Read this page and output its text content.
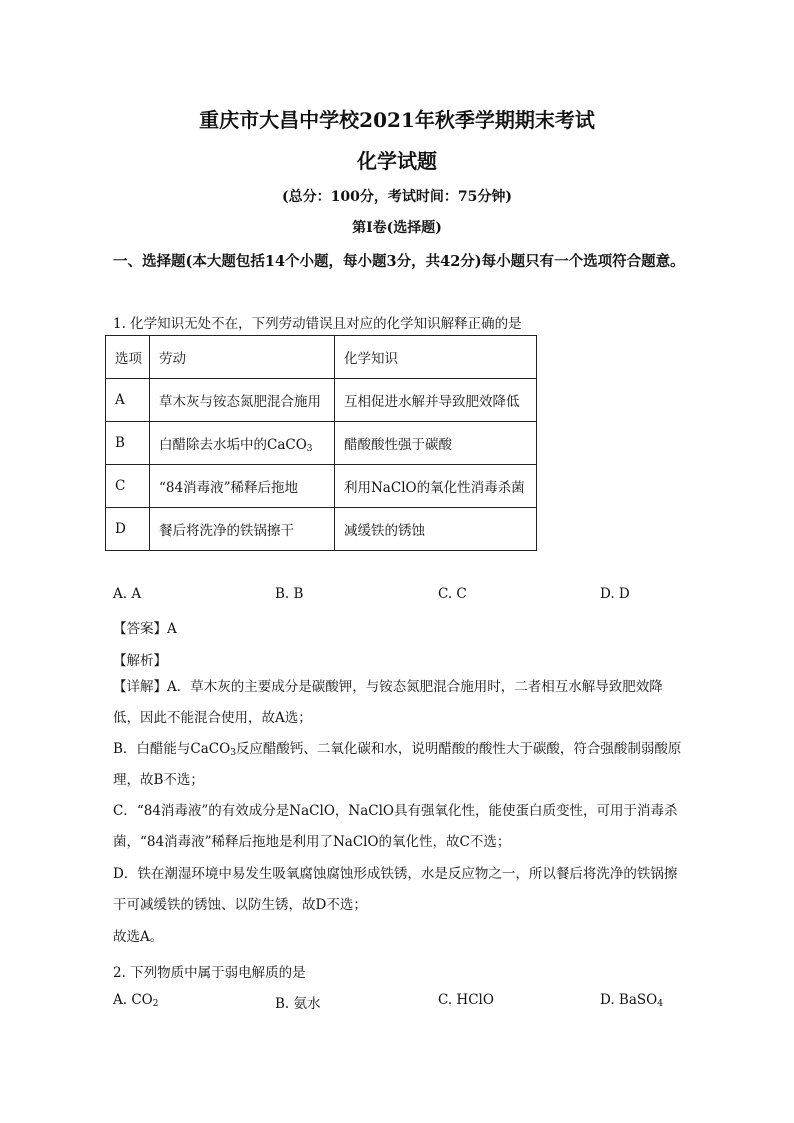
重庆市大昌中学校2021年秋季学期期末考试
化学试题
(总分：100分，考试时间：75分钟)
第I卷(选择题)
一、选择题(本大题包括14个小题，每小题3分，共42分)每小题只有一个选项符合题意。
1. 化学知识无处不在，下列劳动错误且对应的化学知识解释正确的是
选项	劳动	化学知识
A	草木灰与铵态氮肥混合施用	互相促进水解并导致肥效降低
B	白醋除去水垢中的CaCO$_3$	醋酸酸性强于碳酸
C	“84消毒液”稀释后拖地	利用NaClO的氧化性消毒杀菌
D	餐后将洗净的铁锅擦干	减缓铁的锈蚀
A. A	B. B	C. C	D. D
【答案】A
【解析】
【详解】A．草木灰的主要成分是碳酸钾，与铵态氮肥混合施用时，二者相互水解导致肥效降低，因此不能混合使用，故A选；
B．白醋能与CaCO$_3$反应醋酸钙、二氧化碳和水，说明醋酸的酸性大于碳酸，符合强酸制弱酸原理，故B不选；
C．“84消毒液”的有效成分是NaClO，NaClO具有强氧化性，能使蛋白质变性，可用于消毒杀菌，“84消毒液”稀释后拖地是利用了NaClO的氧化性，故C不选；
D．铁在潮湿环境中易发生吸氧腐蚀腐蚀形成铁锈，水是反应物之一，所以餐后将洗净的铁锅擦干可减缓铁的锈蚀、以防生锈，故D不选；
故选A。
2. 下列物质中属于弱电解质的是
A. $CO_2$	B. 氨水	C. HClO	D. BaSO$_4$
